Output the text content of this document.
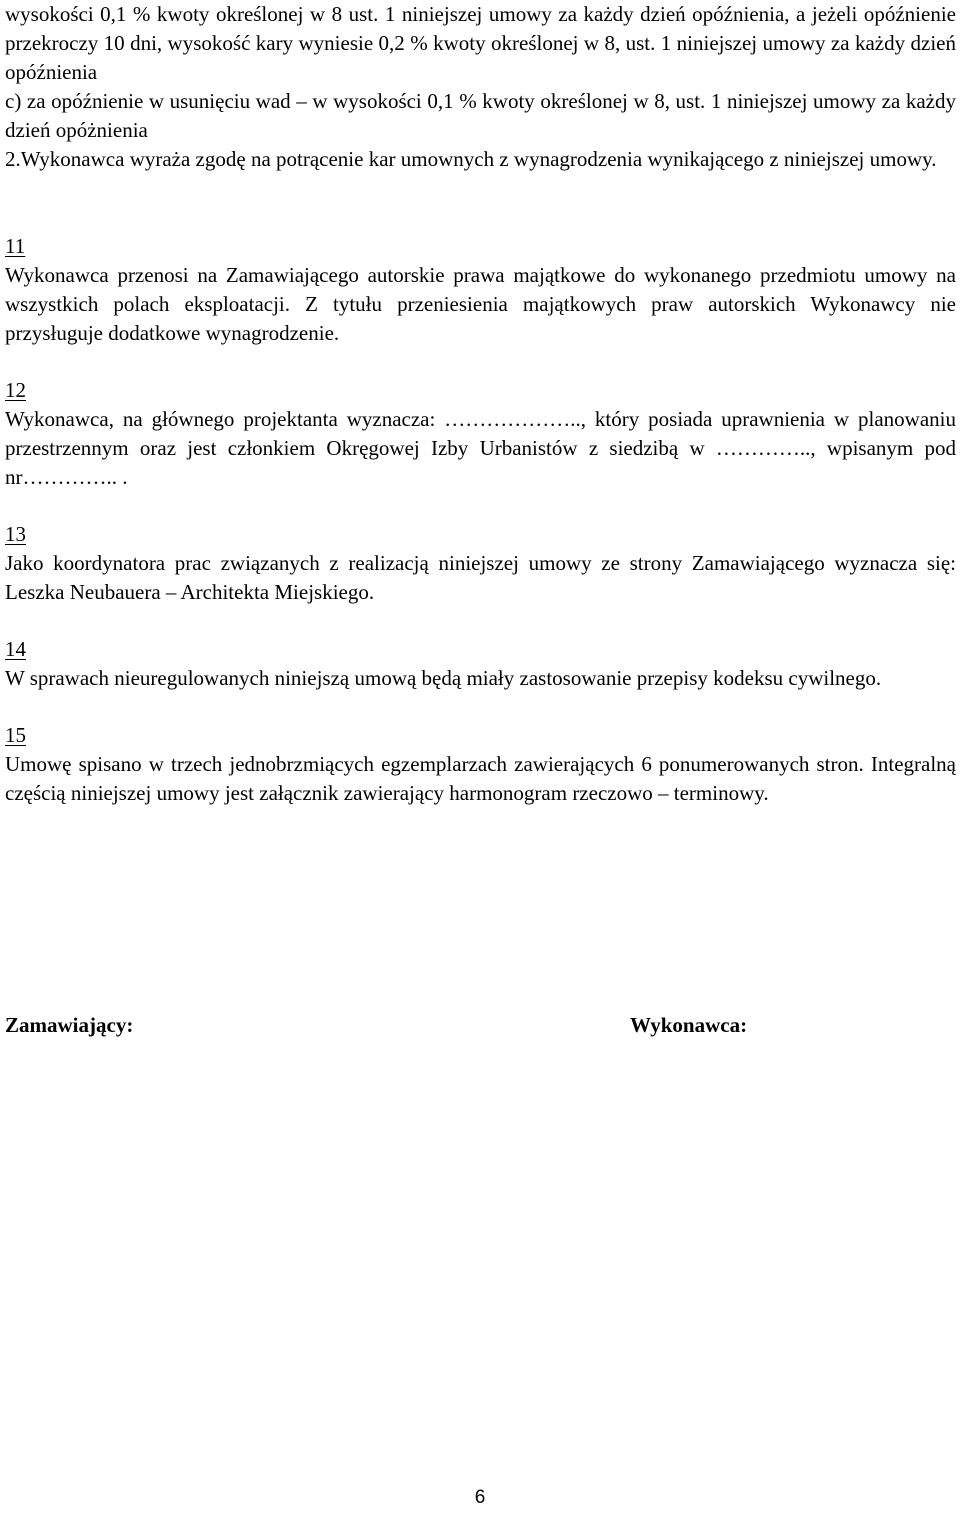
wysokości 0,1 % kwoty określonej w 8 ust. 1 niniejszej umowy za każdy dzień opóźnienia, a jeżeli opóźnienie przekroczy 10 dni, wysokość kary wyniesie 0,2 % kwoty określonej w 8, ust. 1 niniejszej umowy za każdy dzień opóźnienia

c) za opóźnienie w usunięciu wad – w wysokości 0,1 % kwoty określonej w 8, ust. 1 niniejszej umowy za każdy dzień opóżnienia

2.Wykonawca wyraża zgodę na potrącenie kar umownych z wynagrodzenia wynikającego z niniejszej umowy.

11

Wykonawca przenosi na Zamawiającego autorskie prawa majątkowe do wykonanego przedmiotu umowy na wszystkich polach eksploatacji. Z tytułu przeniesienia majątkowych praw autorskich Wykonawcy nie przysługuje dodatkowe wynagrodzenie.

12

Wykonawca, na głównego projektanta wyznacza: ……………….., który posiada uprawnienia w planowaniu przestrzennym oraz jest członkiem Okręgowej Izby Urbanistów z siedzibą w ………….., wpisanym pod nr………….. .

13

Jako koordynatora prac związanych z realizacją niniejszej umowy ze strony Zamawiającego wyznacza się: Leszka Neubauera – Architekta Miejskiego.

14

W sprawach nieuregulowanych niniejszą umową będą miały zastosowanie przepisy kodeksu cywilnego.

15

Umowę spisano w trzech jednobrzmiących egzemplarzach zawierających 6 ponumerowanych stron. Integralną częścią niniejszej umowy jest załącznik zawierający harmonogram rzeczowo – terminowy.

Zamawiający:	Wykonawca:
6
